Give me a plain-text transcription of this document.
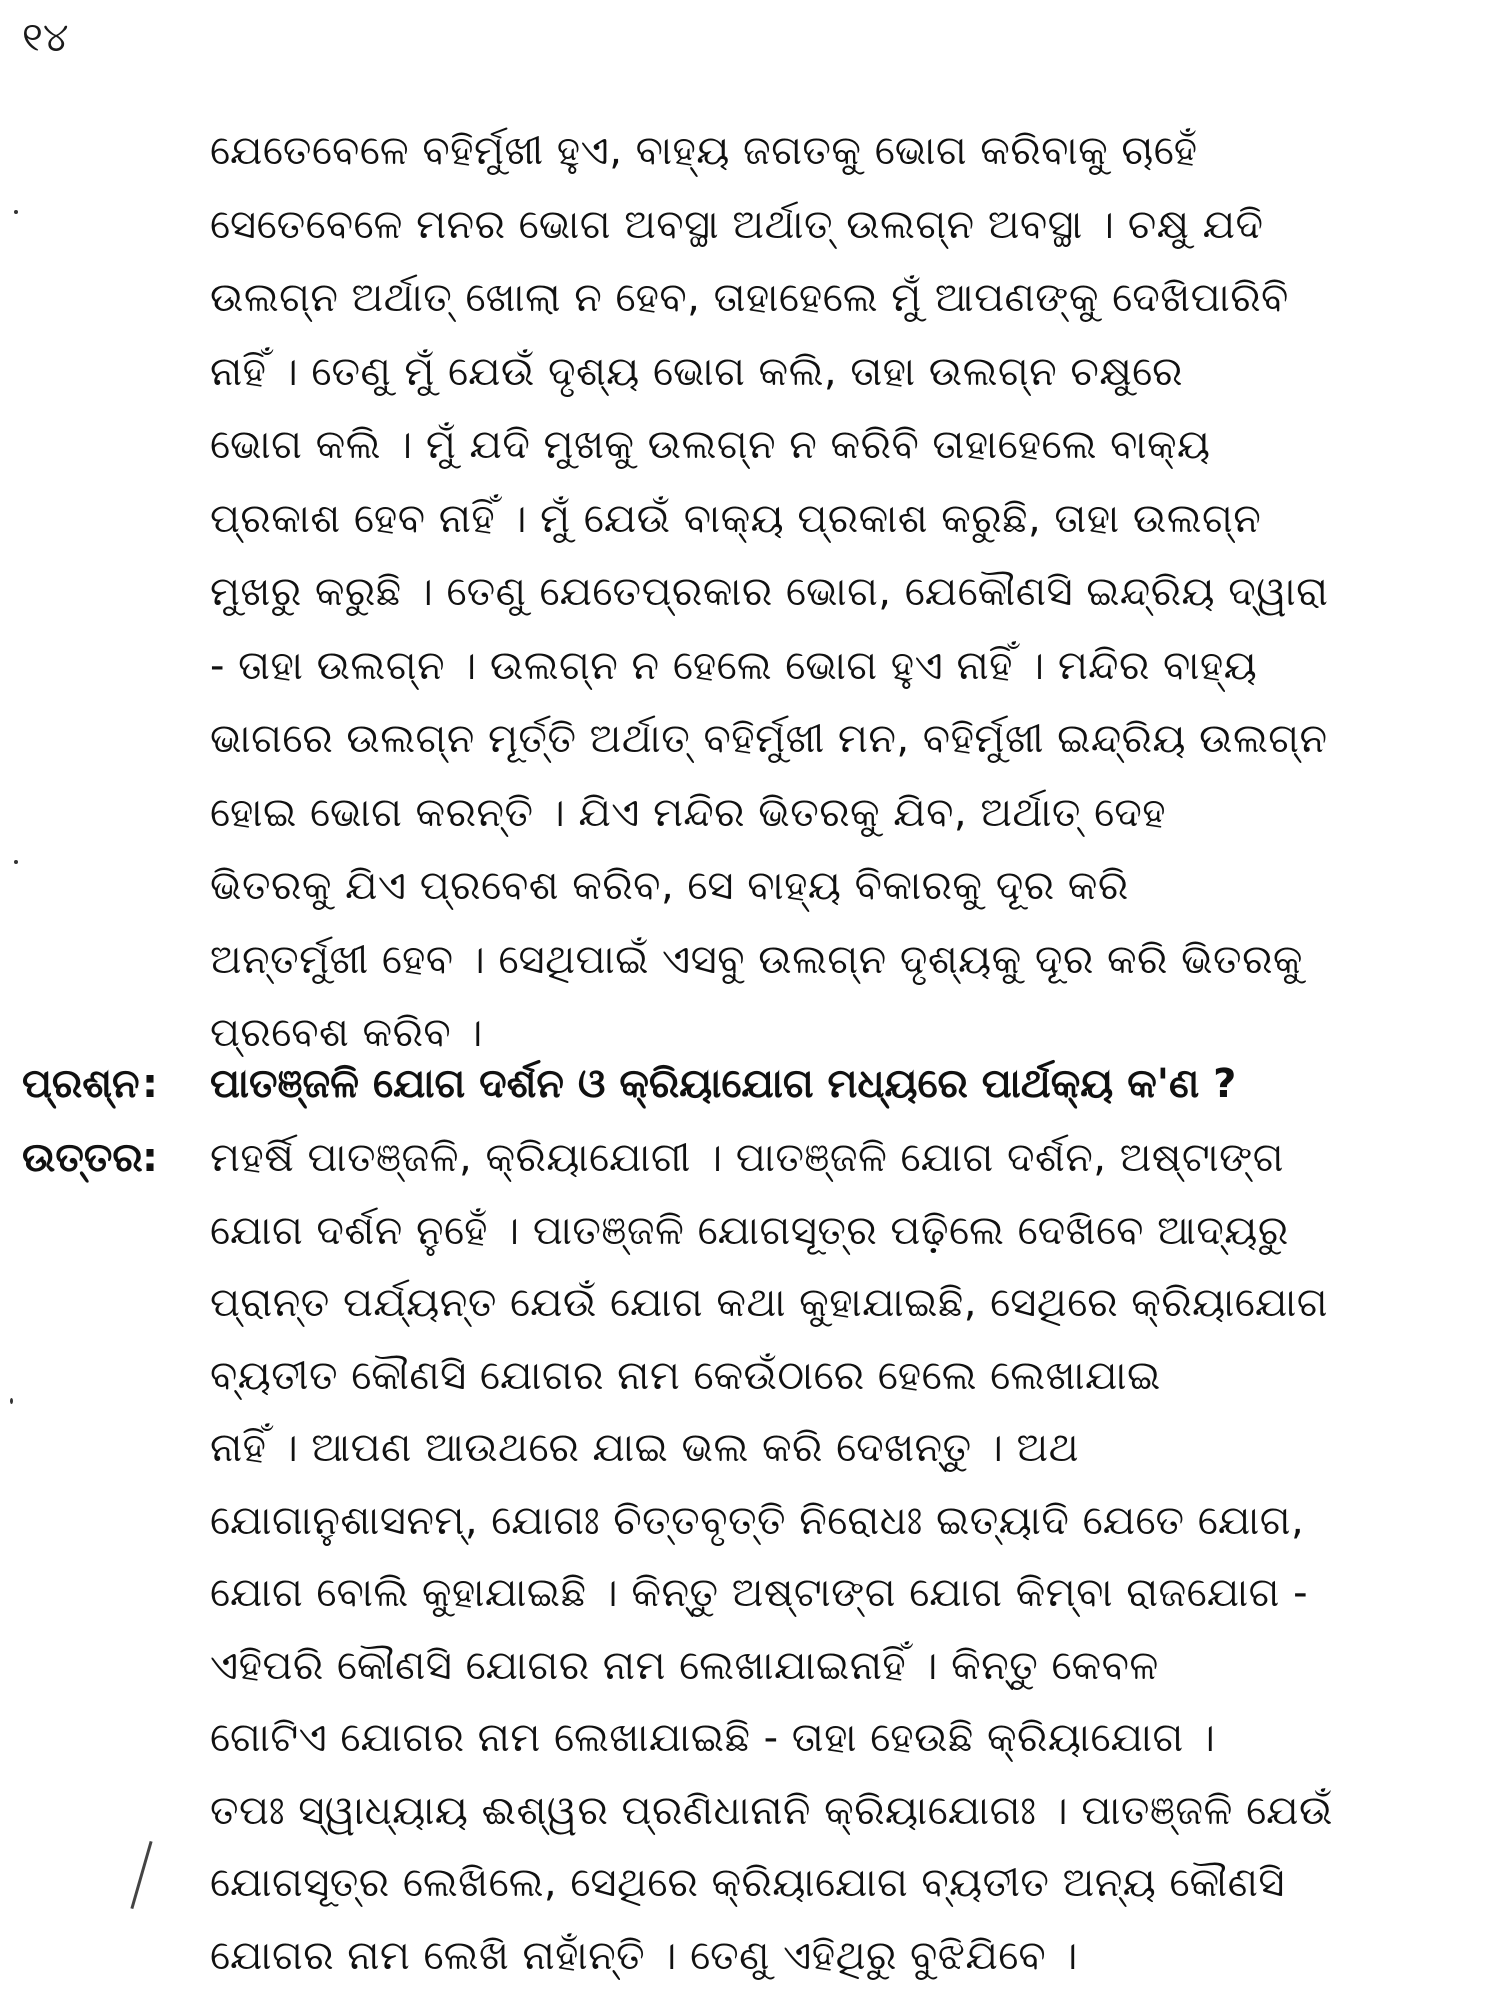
୧୪
ଯେତେବେଳେ ବହିର୍ମୁଖୀ ହୁଏ, ବାହ୍ୟ ଜଗତକୁ ଭୋଗ କରିବାକୁ ଚାହେଁ
ସେତେବେଳେ ମନର ଭୋଗ ଅବସ୍ଥା ଅର୍ଥାତ୍ ଉଲଗ୍ନ ଅବସ୍ଥା । ଚକ୍ଷୁ ଯଦି
ଉଲଗ୍ନ ଅର୍ଥାତ୍ ଖୋଲା ନ ହେବ, ତାହାହେଲେ ମୁଁ ଆପଣଙ୍କୁ ଦେଖିପାରିବି
ନାହିଁ । ତେଣୁ ମୁଁ ଯେଉଁ ଦୃଶ୍ୟ ଭୋଗ କଲି, ତାହା ଉଲଗ୍ନ ଚକ୍ଷୁରେ
ଭୋଗ କଲି । ମୁଁ ଯଦି ମୁଖକୁ ଉଲଗ୍ନ ନ କରିବି ତାହାହେଲେ ବାକ୍ୟ
ପ୍ରକାଶ ହେବ ନାହିଁ । ମୁଁ ଯେଉଁ ବାକ୍ୟ ପ୍ରକାଶ କରୁଛି, ତାହା ଉଲଗ୍ନ
ମୁଖରୁ କରୁଛି । ତେଣୁ ଯେତେପ୍ରକାର ଭୋଗ, ଯେକୌଣସି ଇନ୍ଦ୍ରିୟ ଦ୍ୱାରା
- ତାହା ଉଲଗ୍ନ । ଉଲଗ୍ନ ନ ହେଲେ ଭୋଗ ହୁଏ ନାହିଁ । ମନ୍ଦିର ବାହ୍ୟ
ଭାଗରେ ଉଲଗ୍ନ ମୂର୍ତ୍ତି ଅର୍ଥାତ୍ ବହିର୍ମୁଖୀ ମନ, ବହିର୍ମୁଖୀ ଇନ୍ଦ୍ରିୟ ଉଲଗ୍ନ
ହୋଇ ଭୋଗ କରନ୍ତି । ଯିଏ ମନ୍ଦିର ଭିତରକୁ ଯିବ, ଅର୍ଥାତ୍ ଦେହ
ଭିତରକୁ ଯିଏ ପ୍ରବେଶ କରିବ, ସେ ବାହ୍ୟ ବିକାରକୁ ଦୂର କରି
ଅନ୍ତର୍ମୁଖୀ ହେବ । ସେଥିପାଇଁ ଏସବୁ ଉଲଗ୍ନ ଦୃଶ୍ୟକୁ ଦୂର କରି ଭିତରକୁ
ପ୍ରବେଶ କରିବ ।
ପ୍ରଶ୍ନ : ପାତଞ୍ଜଳି ଯୋଗ ଦର୍ଶନ ଓ କ୍ରିୟାଯୋଗ ମଧ୍ୟରେ ପାର୍ଥକ୍ୟ କ'ଣ ?
ଉତ୍ତର : ମହର୍ଷି ପାତଞ୍ଜଳି, କ୍ରିୟାଯୋଗୀ । ପାତଞ୍ଜଳି ଯୋଗ ଦର୍ଶନ, ଅଷ୍ଟାଙ୍ଗ
ଯୋଗ ଦର୍ଶନ ନୁହେଁ । ପାତଞ୍ଜଳି ଯୋଗସୂତ୍ର ପଢ଼ିଲେ ଦେଖିବେ ଆଦ୍ୟରୁ
ପ୍ରାନ୍ତ ପର୍ଯ୍ୟନ୍ତ ଯେଉଁ ଯୋଗ କଥା କୁହାଯାଇଛି, ସେଥିରେ କ୍ରିୟାଯୋଗ
ବ୍ୟତୀତ କୌଣସି ଯୋଗର ନାମ କେଉଁଠାରେ ହେଲେ ଲେଖାଯାଇ
ନାହିଁ । ଆପଣ ଆଉଥରେ ଯାଇ ଭଲ କରି ଦେଖନ୍ତୁ । ଅଥ
ଯୋଗାନୁଶାସନମ୍, ଯୋଗଃ ଚିତ୍ତବୃତ୍ତି ନିରୋଧଃ ଇତ୍ୟାଦି ଯେତେ ଯୋଗ,
ଯୋଗ ବୋଲି କୁହାଯାଇଛି । କିନ୍ତୁ ଅଷ୍ଟାଙ୍ଗ ଯୋଗ କିମ୍ବା ରାଜଯୋଗ -
ଏହିପରି କୌଣସି ଯୋଗର ନାମ ଲେଖାଯାଇନାହିଁ । କିନ୍ତୁ କେବଳ
ଗୋଟିଏ ଯୋଗର ନାମ ଲେଖାଯାଇଛି - ତାହା ହେଉଛି କ୍ରିୟାଯୋଗ ।
ତପଃ ସ୍ୱାଧ୍ୟାୟ ଈଶ୍ୱର ପ୍ରଣିଧାନାନି କ୍ରିୟାଯୋଗଃ । ପାତଞ୍ଜଳି ଯେଉଁ
ଯୋଗସୂତ୍ର ଲେଖିଲେ, ସେଥିରେ କ୍ରିୟାଯୋଗ ବ୍ୟତୀତ ଅନ୍ୟ କୌଣସି
ଯୋଗର ନାମ ଲେଖି ନାହାଁନ୍ତି । ତେଣୁ ଏହିଥିରୁ ବୁଝିଯିବେ ।
